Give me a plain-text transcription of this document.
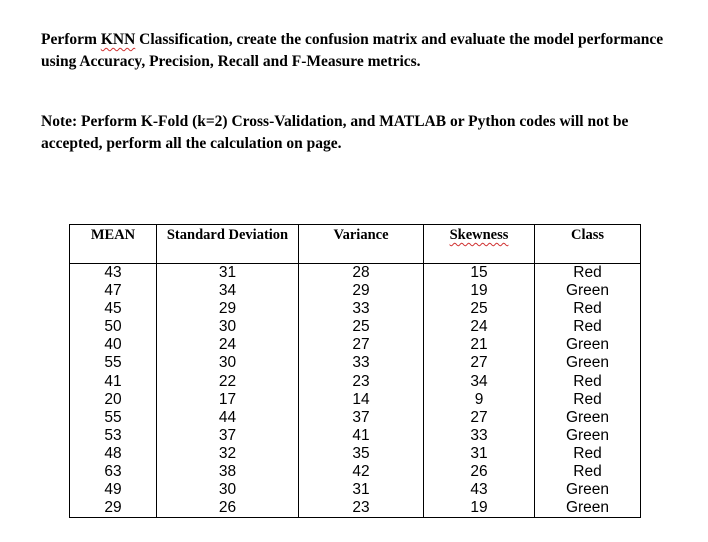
Perform KNN Classification, create the confusion matrix and evaluate the model performance using Accuracy, Precision, Recall and F-Measure metrics.

Note: Perform K-Fold (k=2) Cross-Validation, and MATLAB or Python codes will not be accepted, perform all the calculation on page.

MEAN	Standard Deviation	Variance	Skewness	Class
43	31	28	15	Red
47	34	29	19	Green
45	29	33	25	Red
50	30	25	24	Red
40	24	27	21	Green
55	30	33	27	Green
41	22	23	34	Red
20	17	14	9	Red
55	44	37	27	Green
53	37	41	33	Green
48	32	35	31	Red
63	38	42	26	Red
49	30	31	43	Green
29	26	23	19	Green
